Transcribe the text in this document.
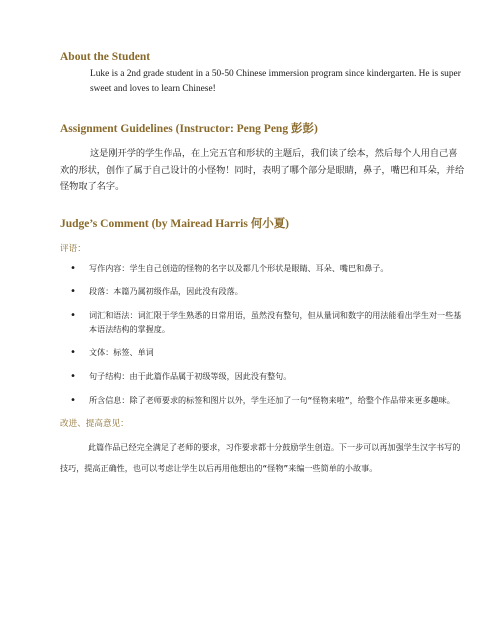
About the Student

Luke is a 2nd grade student in a 50-50 Chinese immersion program since kindergarten. He is super sweet and loves to learn Chinese!

Assignment Guidelines (Instructor: Peng Peng 彭彭)

这是刚开学的学生作品，在上完五官和形状的主题后，我们读了绘本，然后每个人用自己喜欢的形状，创作了属于自己设计的小怪物！同时，表明了哪个部分是眼睛，鼻子，嘴巴和耳朵，并给怪物取了名字。

Judge’s Comment (by Mairead Harris 何小夏)

评语：

• 写作内容：学生自己创造的怪物的名字以及都几个形状是眼睛、耳朵、嘴巴和鼻子。
• 段落：本篇乃属初级作品，因此没有段落。
• 词汇和语法：词汇限于学生熟悉的日常用语，虽然没有整句，但从量词和数字的用法能看出学生对一些基本语法结构的掌握度。
• 文体：标签、单词
• 句子结构：由于此篇作品属于初级等级，因此没有整句。
• 所含信息：除了老师要求的标签和图片以外，学生还加了一句“怪物来啦”，给整个作品带来更多趣味。

改进、提高意见：

此篇作品已经完全满足了老师的要求，习作要求都十分鼓励学生创造。下一步可以再加强学生汉字书写的技巧，提高正确性，也可以考虑让学生以后再用他想出的“怪物”来编一些简单的小故事。
